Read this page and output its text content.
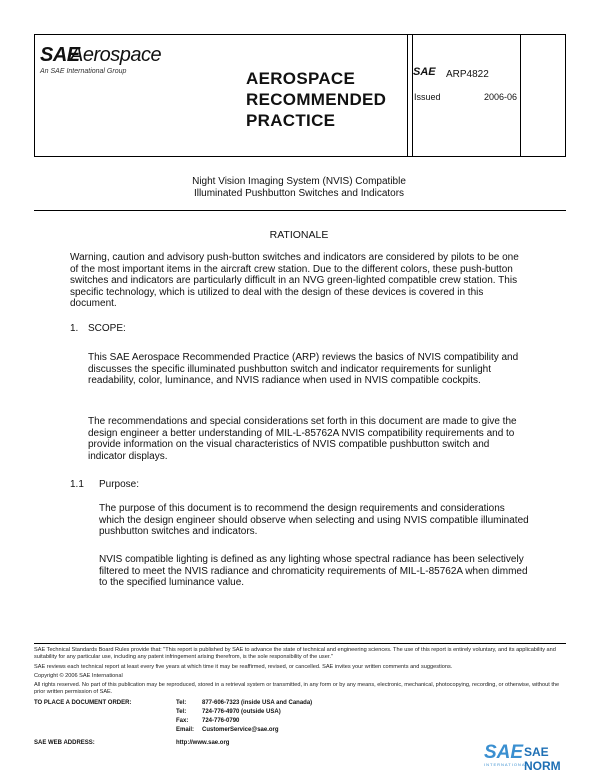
SAE
Aerospace
An SAE International Group	AEROSPACE
RECOMMENDED
PRACTICE
SAE ARP4822
Issued	2006-06
Night Vision Imaging System (NVIS) Compatible
Illuminated Pushbutton Switches and Indicators
RATIONALE

Warning, caution and advisory push-button switches and indicators are considered by pilots to be one of the most important items in the aircraft crew station. Due to the different colors, these push-button switches and indicators are particularly difficult in an NVG green-lighted compatible crew station. This specific technology, which is utilized to deal with the design of these devices is covered in this document.

1. SCOPE:

This SAE Aerospace Recommended Practice (ARP) reviews the basics of NVIS compatibility and discusses the specific illuminated pushbutton switch and indicator requirements for sunlight readability, color, luminance, and NVIS radiance when used in NVIS compatible cockpits.

The recommendations and special considerations set forth in this document are made to give the design engineer a better understanding of MIL-L-85762A NVIS compatibility requirements and to provide information on the visual characteristics of NVIS compatible pushbutton switch and indicator displays.

1.1 Purpose:

The purpose of this document is to recommend the design requirements and considerations which the design engineer should observe when selecting and using NVIS compatible illuminated pushbutton switches and indicators.

NVIS compatible lighting is defined as any lighting whose spectral radiance has been selectively filtered to meet the NVIS radiance and chromaticity requirements of MIL-L-85762A when dimmed to the specified luminance value.

SAE Technical Standards Board Rules provide that: "This report is published by SAE to advance the state of technical and engineering sciences. The use of this report is entirely voluntary, and its applicability and suitability for any particular use, including any patent infringement arising therefrom, is the sole responsibility of the user."
SAE reviews each technical report at least every five years at which time it may be reaffirmed, revised, or cancelled. SAE invites your written comments and suggestions.
Copyright © 2006 SAE International
All rights reserved. No part of this publication may be reproduced, stored in a retrieval system or transmitted, in any form or by any means, electronic, mechanical, photocopying, recording, or otherwise, without the prior written permission of SAE.
TO PLACE A DOCUMENT ORDER:	Tel:	877-606-7323 (inside USA and Canada)
Tel:	724-776-4970 (outside USA)
Fax: 724-776-0790
Email: CustomerService@sae.org
SAE WEB ADDRESS:	http://www.sae.org	SAE SAE NORM
INTERNATIONAL
